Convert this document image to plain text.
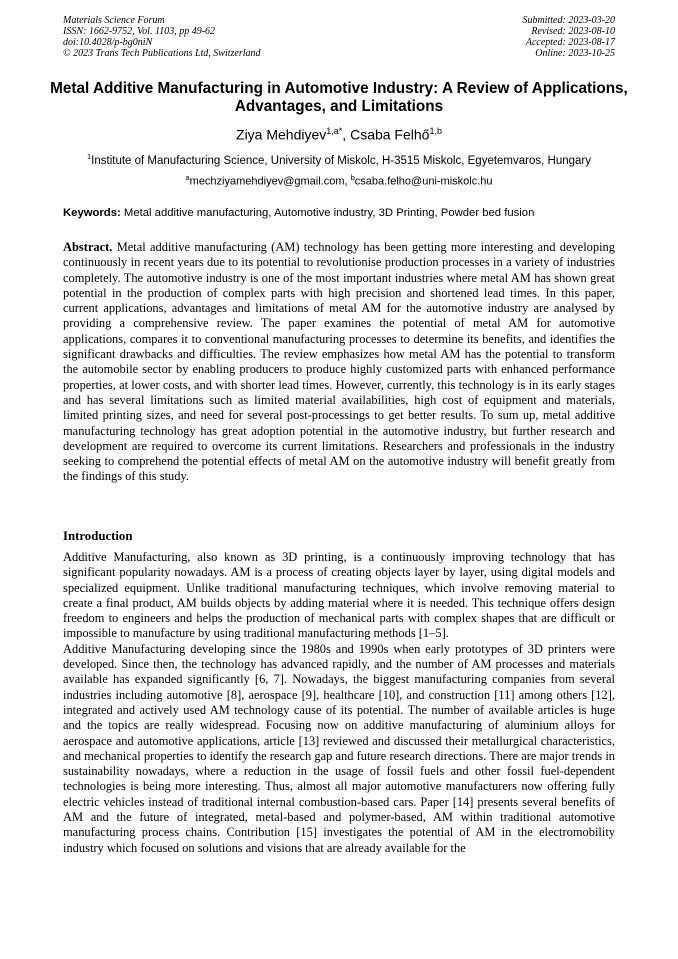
Materials Science Forum
ISSN: 1662-9752, Vol. 1103, pp 49-62
doi:10.4028/p-bg0niN
© 2023 Trans Tech Publications Ltd, Switzerland
Submitted: 2023-03-20
Revised: 2023-08-10
Accepted: 2023-08-17
Online: 2023-10-25
Metal Additive Manufacturing in Automotive Industry: A Review of Applications, Advantages, and Limitations
Ziya Mehdiyev$^{1,a*}$, Csaba Felhő$^{1,b}$
$^1$Institute of Manufacturing Science, University of Miskolc, H-3515 Miskolc, Egyetemvaros, Hungary
$^a$mechziyamehdiyev@gmail.com, $^b$csaba.felho@uni-miskolc.hu
Keywords: Metal additive manufacturing, Automotive industry, 3D Printing, Powder bed fusion
Abstract. Metal additive manufacturing (AM) technology has been getting more interesting and developing continuously in recent years due to its potential to revolutionise production processes in a variety of industries completely. The automotive industry is one of the most important industries where metal AM has shown great potential in the production of complex parts with high precision and shortened lead times. In this paper, current applications, advantages and limitations of metal AM for the automotive industry are analysed by providing a comprehensive review. The paper examines the potential of metal AM for automotive applications, compares it to conventional manufacturing processes to determine its benefits, and identifies the significant drawbacks and difficulties. The review emphasizes how metal AM has the potential to transform the automobile sector by enabling producers to produce highly customized parts with enhanced performance properties, at lower costs, and with shorter lead times. However, currently, this technology is in its early stages and has several limitations such as limited material availabilities, high cost of equipment and materials, limited printing sizes, and need for several post-processings to get better results. To sum up, metal additive manufacturing technology has great adoption potential in the automotive industry, but further research and development are required to overcome its current limitations. Researchers and professionals in the industry seeking to comprehend the potential effects of metal AM on the automotive industry will benefit greatly from the findings of this study.
Introduction

Additive Manufacturing, also known as 3D printing, is a continuously improving technology that has significant popularity nowadays. AM is a process of creating objects layer by layer, using digital models and specialized equipment. Unlike traditional manufacturing techniques, which involve removing material to create a final product, AM builds objects by adding material where it is needed. This technique offers design freedom to engineers and helps the production of mechanical parts with complex shapes that are difficult or impossible to manufacture by using traditional manufacturing methods [1–5].

Additive Manufacturing developing since the 1980s and 1990s when early prototypes of 3D printers were developed. Since then, the technology has advanced rapidly, and the number of AM processes and materials available has expanded significantly [6, 7]. Nowadays, the biggest manufacturing companies from several industries including automotive [8], aerospace [9], healthcare [10], and construction [11] among others [12], integrated and actively used AM technology cause of its potential. The number of available articles is huge and the topics are really widespread. Focusing now on additive manufacturing of aluminium alloys for aerospace and automotive applications, article [13] reviewed and discussed their metallurgical characteristics, and mechanical properties to identify the research gap and future research directions. There are major trends in sustainability nowadays, where a reduction in the usage of fossil fuels and other fossil fuel-dependent technologies is being more interesting. Thus, almost all major automotive manufacturers now offering fully electric vehicles instead of traditional internal combustion-based cars. Paper [14] presents several benefits of AM and the future of integrated, metal-based and polymer-based, AM within traditional automotive manufacturing process chains. Contribution [15] investigates the potential of AM in the electromobility industry which focused on solutions and visions that are already available for the
